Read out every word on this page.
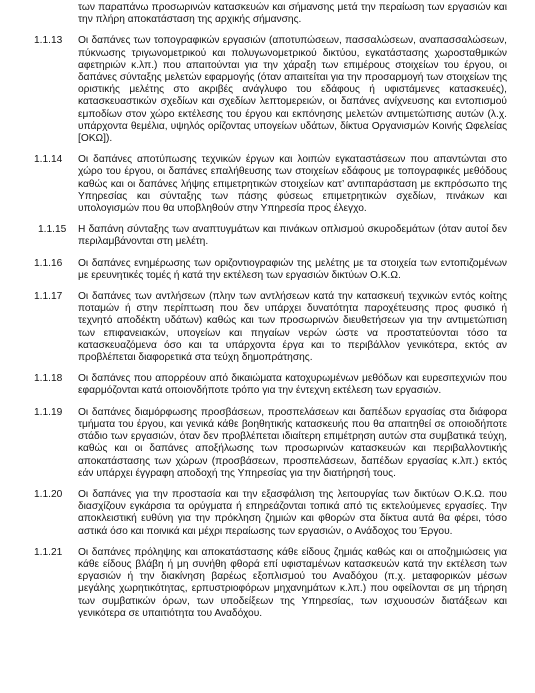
των παραπάνω προσωρινών κατασκευών και σήμανσης μετά την περαίωση των εργασιών και την πλήρη αποκατάσταση της αρχικής σήμανσης.
1.1.13	Οι δαπάνες των τοπογραφικών εργασιών (αποτυπώσεων, πασσαλώσεων, αναπασσαλώσεων, πύκνωσης τριγωνομετρικού και πολυγωνομετρικού δικτύου, εγκατάστασης χωροσταθμικών αφετηριών κ.λπ.) που απαιτούνται για την χάραξη των επιμέρους στοιχείων του έργου, οι δαπάνες σύνταξης μελετών εφαρμογής (όταν απαιτείται για την προσαρμογή των στοιχείων της οριστικής μελέτης στο ακριβές ανάγλυφο του εδάφους ή υφιστάμενες κατασκευές), κατασκευαστικών σχεδίων και σχεδίων λεπτομερειών, οι δαπάνες ανίχνευσης και εντοπισμού εμποδίων στον χώρο εκτέλεσης του έργου και εκπόνησης μελετών αντιμετώπισης αυτών (λ.χ. υπάρχοντα θεμέλια, υψηλός ορίζοντας υπογείων υδάτων, δίκτυα Οργανισμών Κοινής Ωφελείας [ΟΚΩ]).
1.1.14	Οι δαπάνες αποτύπωσης τεχνικών έργων και λοιπών εγκαταστάσεων που απαντώνται στο χώρο του έργου, οι δαπάνες επαλήθευσης των στοιχείων εδάφους με τοπογραφικές μεθόδους καθώς και οι δαπάνες λήψης επιμετρητικών στοιχείων κατ’ αντιπαράσταση με εκπρόσωπο της Υπηρεσίας και σύνταξης των πάσης φύσεως επιμετρητικών σχεδίων, πινάκων και υπολογισμών που θα υποβληθούν στην Υπηρεσία προς έλεγχο.
1.1.15	Η δαπάνη σύνταξης των αναπτυγμάτων και πινάκων οπλισμού σκυροδεμάτων (όταν αυτοί δεν περιλαμβάνονται στη μελέτη.
1.1.16	Οι δαπάνες ενημέρωσης των οριζοντιογραφιών της μελέτης με τα στοιχεία των εντοπιζομένων με ερευνητικές τομές ή κατά την εκτέλεση των εργασιών δικτύων Ο.Κ.Ω.
1.1.17	Οι δαπάνες των αντλήσεων (πλην των αντλήσεων κατά την κατασκευή τεχνικών εντός κοίτης ποταμών ή στην περίπτωση που δεν υπάρχει δυνατότητα παροχέτευσης προς φυσικό ή τεχνητό αποδέκτη υδάτων) καθώς και των προσωρινών διευθετήσεων για την αντιμετώπιση των επιφανειακών, υπογείων και πηγαίων νερών ώστε να προστατεύονται τόσο τα κατασκευαζόμενα όσο και τα υπάρχοντα έργα και το περιβάλλον γενικότερα, εκτός αν προβλέπεται διαφορετικά στα τεύχη δημοπράτησης.
1.1.18	Οι δαπάνες που απορρέουν από δικαιώματα κατοχυρωμένων μεθόδων και ευρεσιτεχνιών που εφαρμόζονται κατά οποιονδήποτε τρόπο για την έντεχνη εκτέλεση των εργασιών.
1.1.19	Οι δαπάνες διαμόρφωσης προσβάσεων, προσπελάσεων και δαπέδων εργασίας στα διάφορα τμήματα του έργου, και γενικά κάθε βοηθητικής κατασκευής που θα απαιτηθεί σε οποιοδήποτε στάδιο των εργασιών, όταν δεν προβλέπεται ιδιαίτερη επιμέτρηση αυτών στα συμβατικά τεύχη, καθώς και οι δαπάνες αποξήλωσης των προσωρινών κατασκευών και περιβαλλοντικής αποκατάστασης των χώρων (προσβάσεων, προσπελάσεων, δαπέδων εργασίας κ.λπ.) εκτός εάν υπάρχει έγγραφη αποδοχή της Υπηρεσίας για την διατήρησή τους.
1.1.20	Οι δαπάνες για την προστασία και την εξασφάλιση της λειτουργίας των δικτύων Ο.Κ.Ω. που διασχίζουν εγκάρσια τα ορύγματα ή επηρεάζονται τοπικά από τις εκτελούμενες εργασίες. Την αποκλειστική ευθύνη για την πρόκληση ζημιών και φθορών στα δίκτυα αυτά θα φέρει, τόσο αστικά όσο και ποινικά και μέχρι περαίωσης των εργασιών, ο Ανάδοχος του Έργου.
1.1.21	Οι δαπάνες πρόληψης και αποκατάστασης κάθε είδους ζημιάς καθώς και οι αποζημιώσεις για κάθε είδους βλάβη ή μη συνήθη φθορά επί υφισταμένων κατασκευών κατά την εκτέλεση των εργασιών ή την διακίνηση βαρέως εξοπλισμού του Αναδόχου (π.χ. μεταφορικών μέσων μεγάλης χωρητικότητας, ερπυστριοφόρων μηχανημάτων κ.λπ.) που οφείλονται σε μη τήρηση των συμβατικών όρων, των υποδείξεων της Υπηρεσίας, των ισχυουσών διατάξεων και γενικότερα σε υπαιτιότητα του Αναδόχου.
